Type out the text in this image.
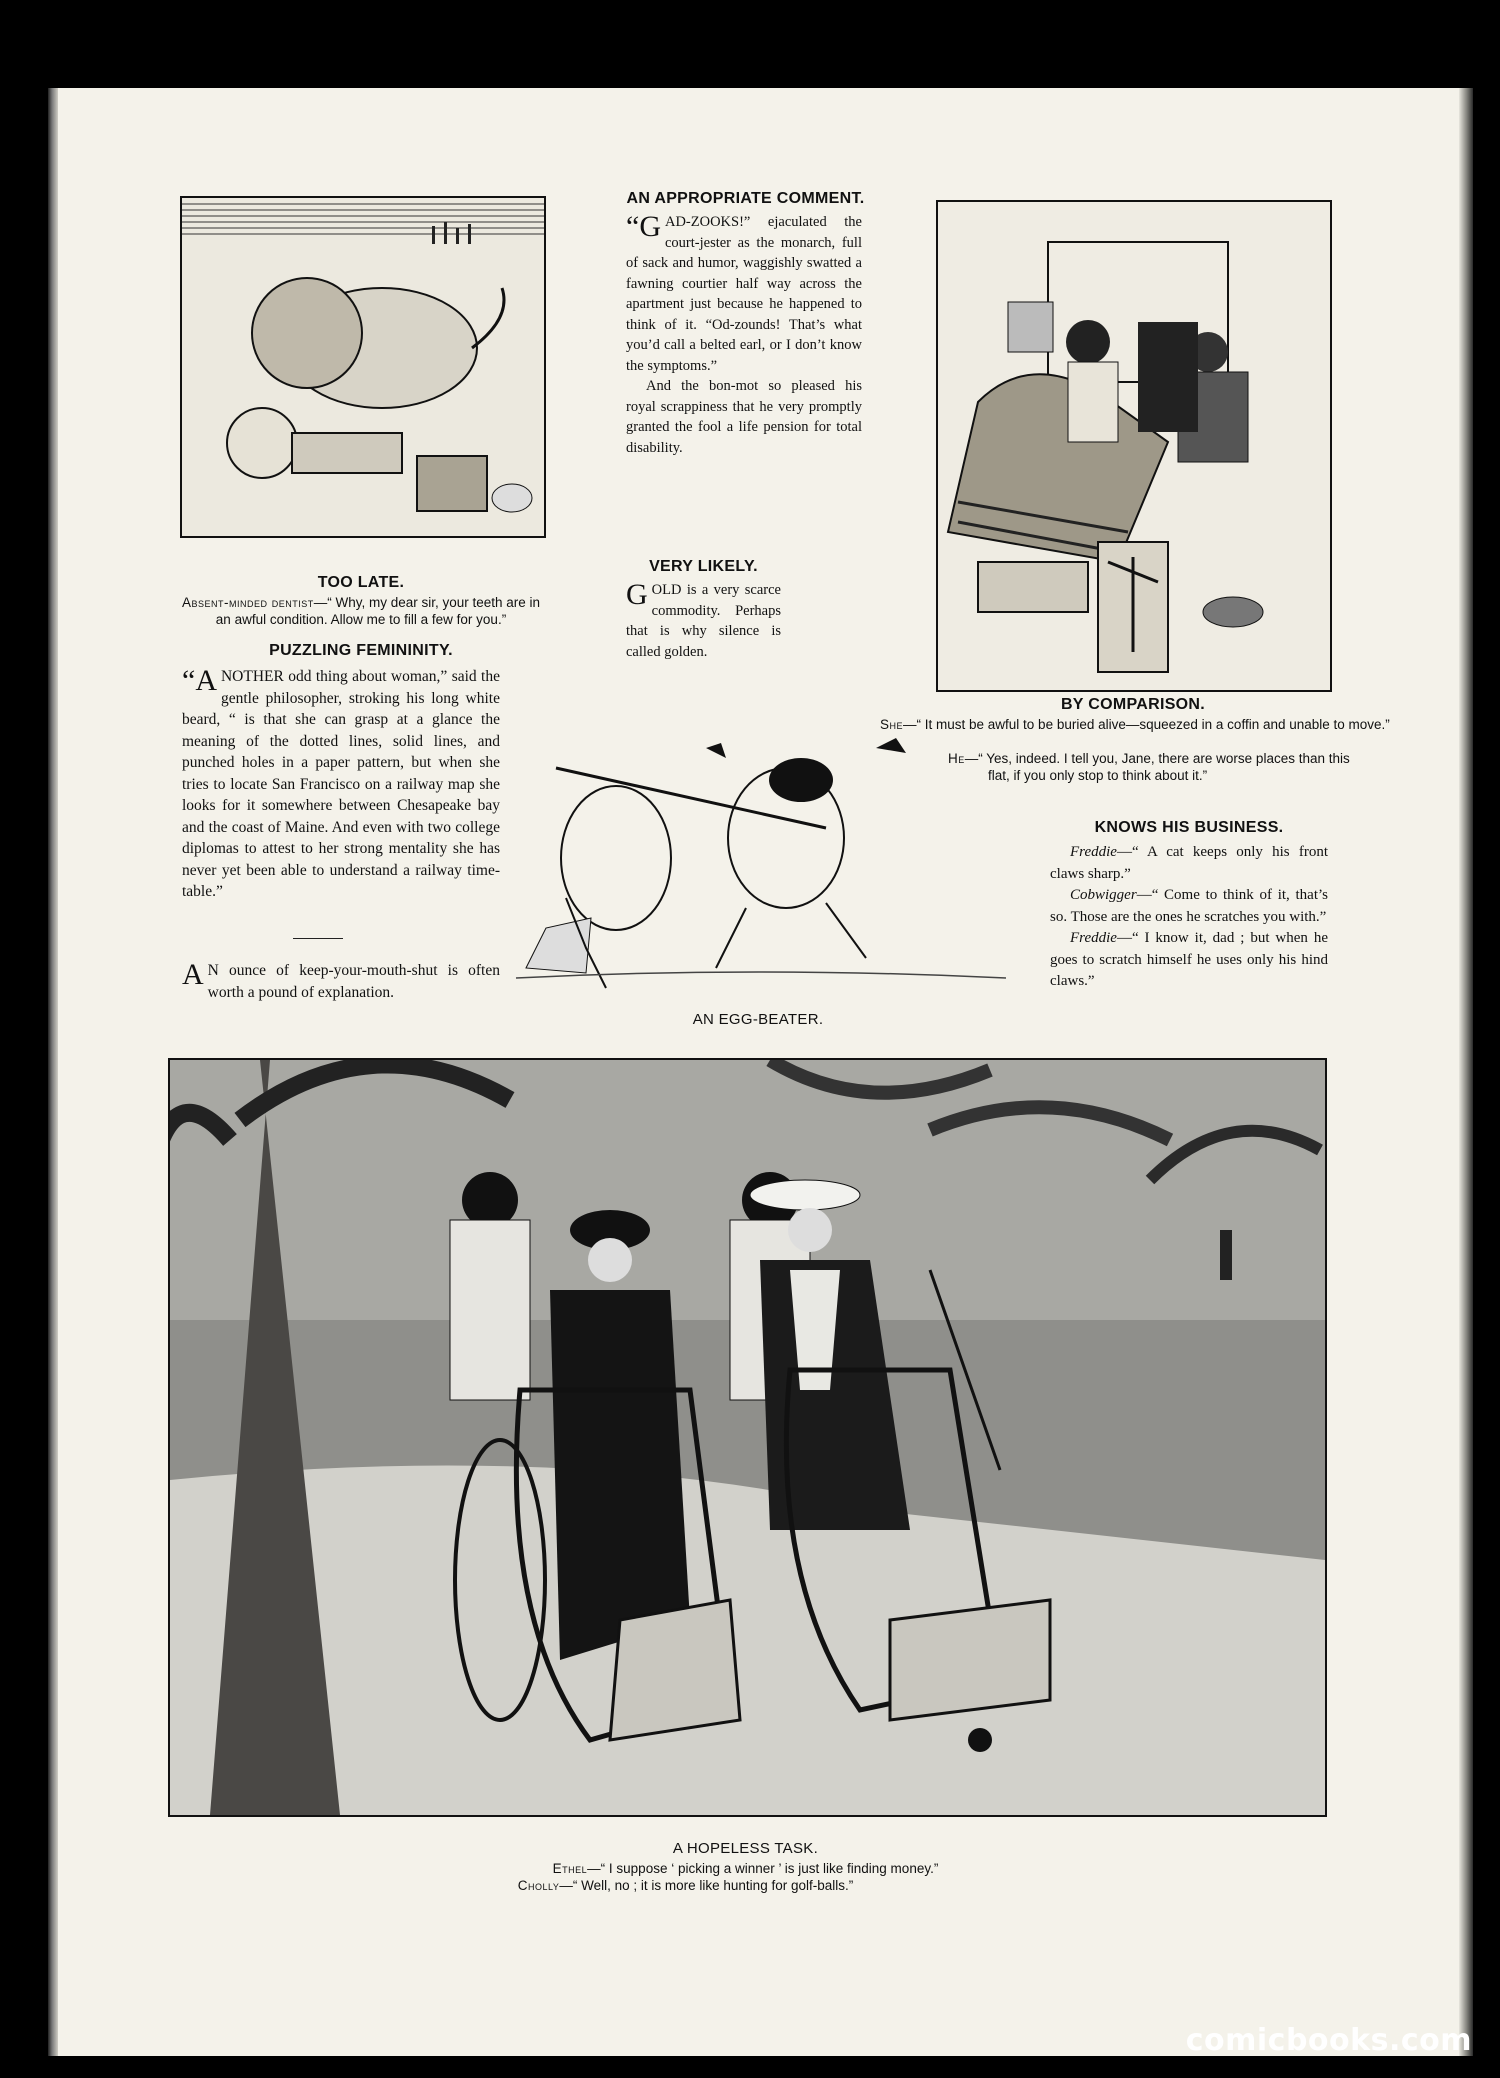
TOO LATE.
Absent-minded dentist—“ Why, my dear sir, your teeth are in an awful condition. Allow me to fill a few for you.”
PUZZLING FEMININITY.

“ANOTHER odd thing about woman,” said the gentle philosopher, stroking his long white beard, “ is that she can grasp at a glance the meaning of the dotted lines, solid lines, and punched holes in a paper pattern, but when she tries to locate San Francisco on a railway map she looks for it somewhere between Chesapeake bay and the coast of Maine. And even with two college diplomas to attest to her strong mentality she has never yet been able to understand a railway time-table.”

A N ounce of keep-your-mouth-shut is often worth a pound of explanation.

AN APPROPRIATE COMMENT.

“GAD-ZOOKS!” ejaculated the court-jester as the monarch, full of sack and humor, waggishly swatted a fawning courtier half way across the apartment just because he happened to think of it. “Od-zounds! That’s what you’d call a belted earl, or I don’t know the symptoms.”

And the bon-mot so pleased his royal scrappiness that he very promptly granted the fool a life pension for total disability.

VERY LIKELY.

GOLD is a very scarce commodity. Perhaps that is why silence is called golden.

BY COMPARISON.
She—“ It must be awful to be buried alive—squeezed in a coffin and unable to move.”
He—“ Yes, indeed. I tell you, Jane, there are worse places than this flat, if you only stop to think about it.”
AN EGG-BEATER.
KNOWS HIS BUSINESS.

Freddie—“ A cat keeps only his front claws sharp.”

Cobwigger—“ Come to think of it, that’s so. Those are the ones he scratches you with.”

Freddie—“ I know it, dad ; but when he goes to scratch himself he uses only his hind claws.”

A HOPELESS TASK.
Ethel—“ I suppose ‘ picking a winner ’ is just like finding money.”
Cholly—“ Well, no ; it is more like hunting for golf-balls.”
comicbooks.com
